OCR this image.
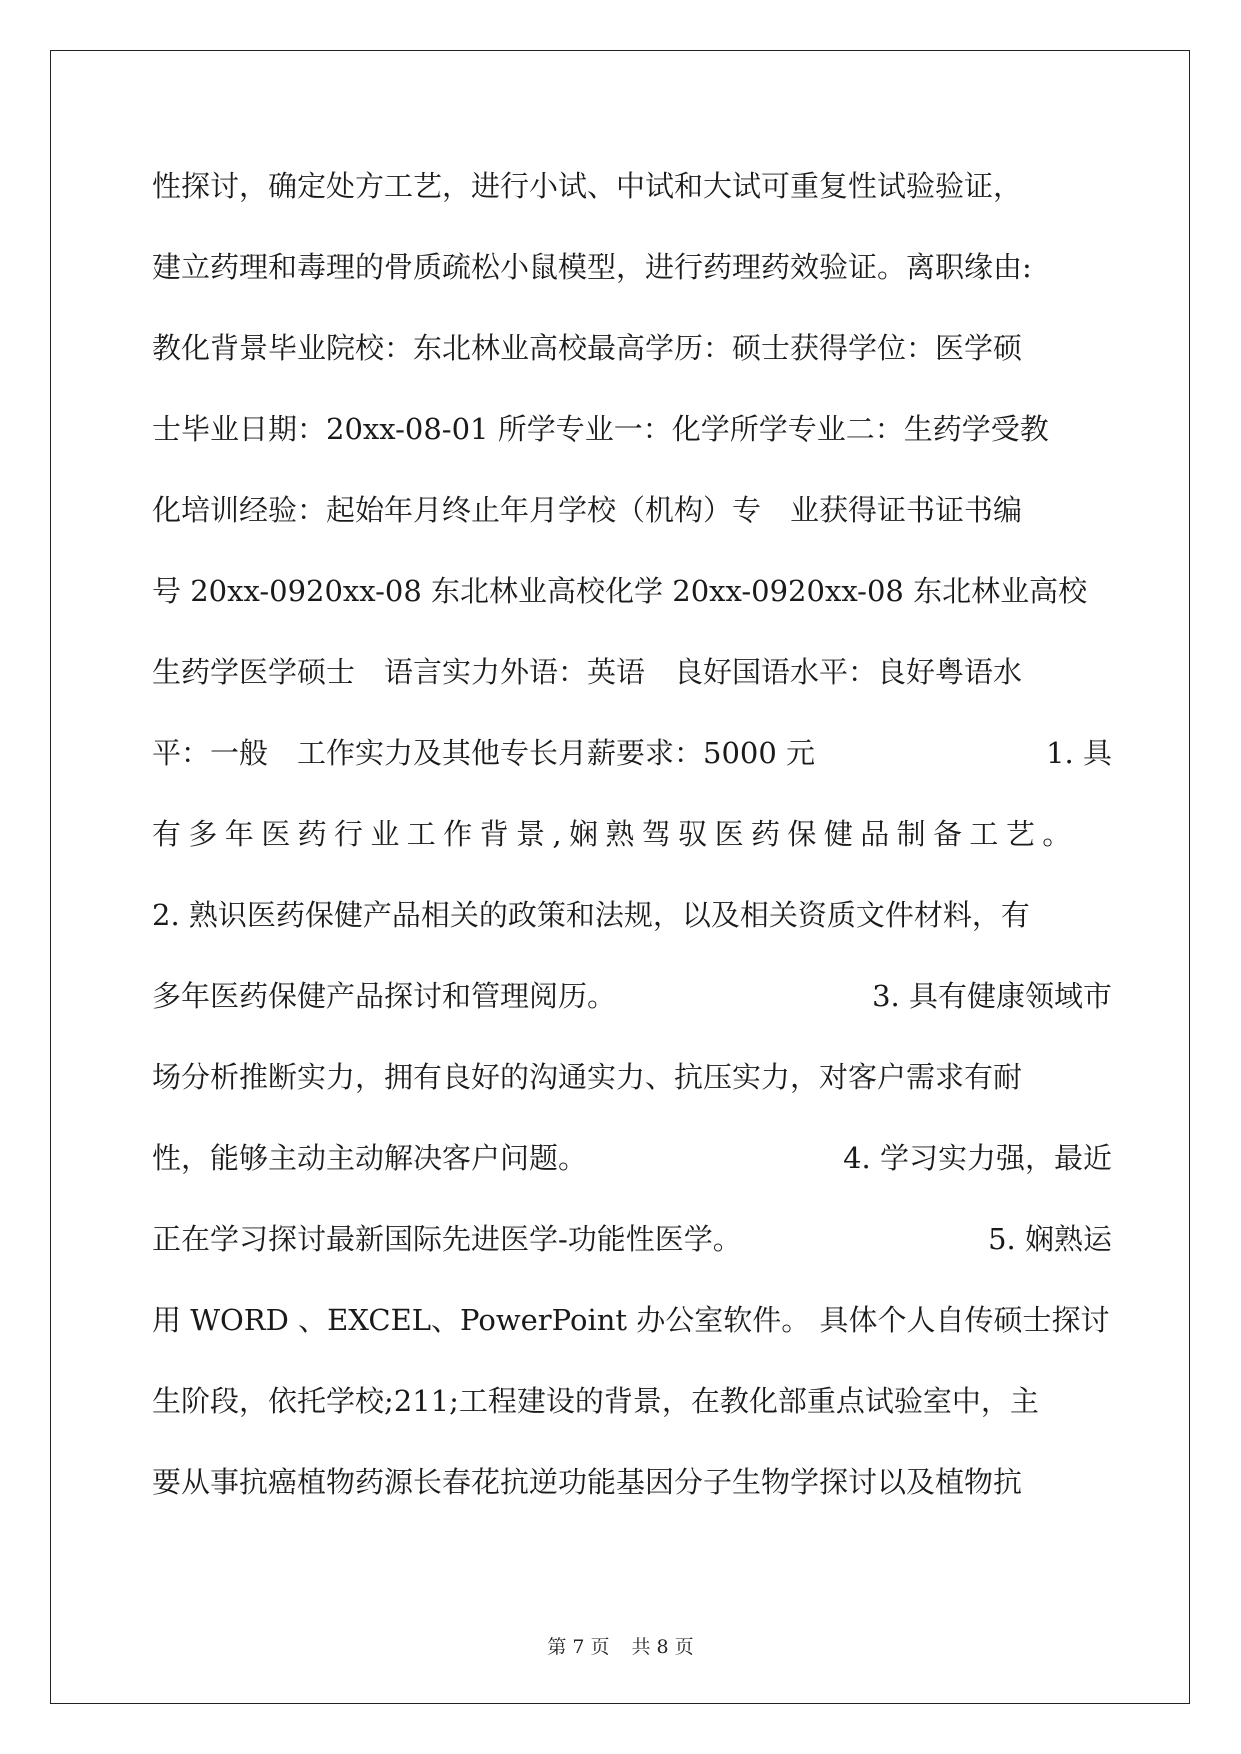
性探讨，确定处方工艺，进行小试、中试和大试可重复性试验验证，
建立药理和毒理的骨质疏松小鼠模型，进行药理药效验证。离职缘由:
教化背景毕业院校：东北林业高校最高学历：硕士获得学位：医学硕
士毕业日期：20xx-08-01 所学专业一：化学所学专业二：生药学受教
化培训经验：起始年月终止年月学校（机构）专　业获得证书证书编
号 20xx-0920xx-08 东北林业高校化学 20xx-0920xx-08 东北林业高校
生药学医学硕士　语言实力外语：英语　良好国语水平：良好粤语水
平：一般　工作实力及其他专长月薪要求：5000 元	1. 具
有多年医药行业工作背景,娴熟驾驭医药保健品制备工艺。
2. 熟识医药保健产品相关的政策和法规，以及相关资质文件材料，有
多年医药保健产品探讨和管理阅历。	3. 具有健康领域市
场分析推断实力，拥有良好的沟通实力、抗压实力，对客户需求有耐
性，能够主动主动解决客户问题。	4. 学习实力强，最近
正在学习探讨最新国际先进医学-功能性医学。	5. 娴熟运
用 WORD 、EXCEL、PowerPoint 办公室软件。 具体个人自传硕士探讨
生阶段，依托学校;211;工程建设的背景，在教化部重点试验室中，主
要从事抗癌植物药源长春花抗逆功能基因分子生物学探讨以及植物抗
第 7 页 共 8 页
